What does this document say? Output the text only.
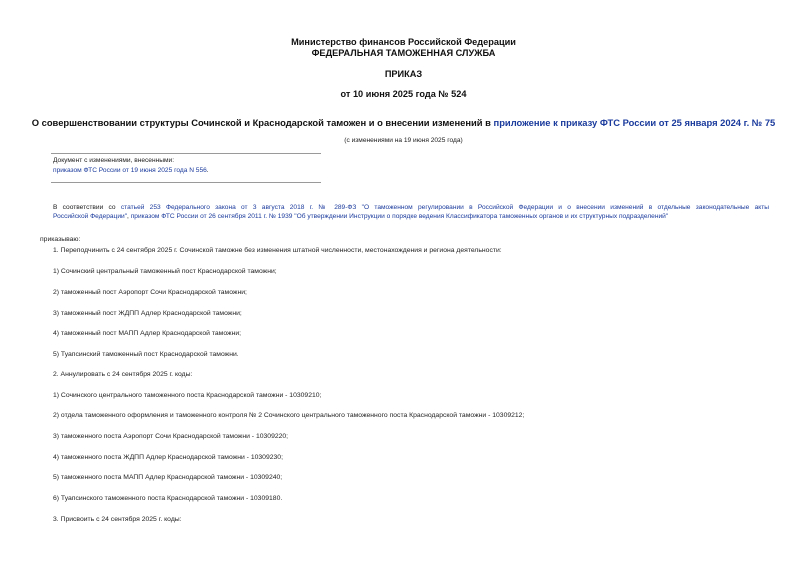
Министерство финансов Российской Федерации
ФЕДЕРАЛЬНАЯ ТАМОЖЕННАЯ СЛУЖБА
ПРИКАЗ
от 10 июня 2025 года № 524
О совершенствовании структуры Сочинской и Краснодарской таможен и о внесении изменений в приложение к приказу ФТС России от 25 января 2024 г. № 75
(с изменениями на 19 июня 2025 года)
Документ с изменениями, внесенными:
приказом ФТС России от 19 июня 2025 года N 556.
В соответствии со статьей 253 Федерального закона от 3 августа 2018 г. № 289-ФЗ "О таможенном регулировании в Российской Федерации и о внесении изменений в отдельные законодательные акты
Российской Федерации", приказом ФТС России от 26 сентября 2011 г. № 1939 "Об утверждении Инструкции о порядке ведения Классификатора таможенных органов и их структурных подразделений"
приказываю:
1. Переподчинить с 24 сентября 2025 г. Сочинской таможне без изменения штатной численности, местонахождения и региона деятельности:
1) Сочинский центральный таможенный пост Краснодарской таможни;
2) таможенный пост Аэропорт Сочи Краснодарской таможни;
3) таможенный пост ЖДПП Адлер Краснодарской таможни;
4) таможенный пост МАПП Адлер Краснодарской таможни;
5) Туапсинский таможенный пост Краснодарской таможни.
2. Аннулировать с 24 сентября 2025 г. коды:
1) Сочинского центрального таможенного поста Краснодарской таможни - 10309210;
2) отдела таможенного оформления и таможенного контроля № 2 Сочинского центрального таможенного поста Краснодарской таможни - 10309212;
3) таможенного поста Аэропорт Сочи Краснодарской таможни - 10309220;
4) таможенного поста ЖДПП Адлер Краснодарской таможни - 10309230;
5) таможенного поста МАПП Адлер Краснодарской таможни - 10309240;
6) Туапсинского таможенного поста Краснодарской таможни - 10309180.
3. Присвоить с 24 сентября 2025 г. коды:
